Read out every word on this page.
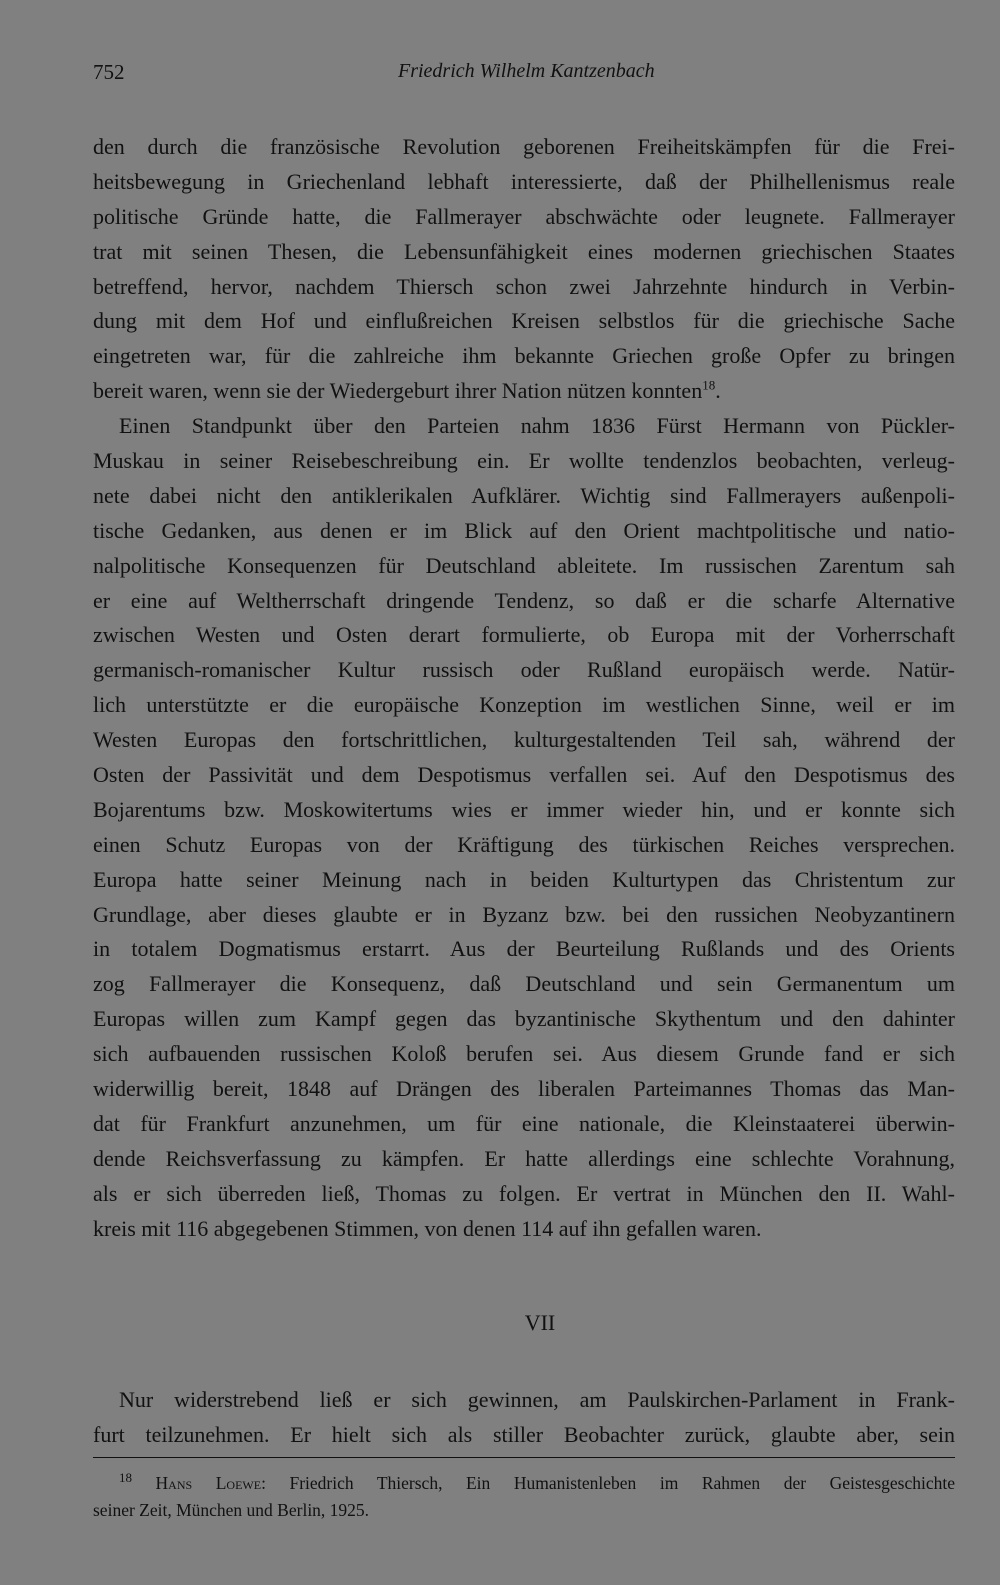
752	Friedrich Wilhelm Kantzenbach
den durch die französische Revolution geborenen Freiheitskämpfen für die Frei-
heitsbewegung in Griechenland lebhaft interessierte, daß der Philhellenismus reale
politische Gründe hatte, die Fallmerayer abschwächte oder leugnete. Fallmerayer
trat mit seinen Thesen, die Lebensunfähigkeit eines modernen griechischen Staates
betreffend, hervor, nachdem Thiersch schon zwei Jahrzehnte hindurch in Verbin-
dung mit dem Hof und einflußreichen Kreisen selbstlos für die griechische Sache
eingetreten war, für die zahlreiche ihm bekannte Griechen große Opfer zu bringen
bereit waren, wenn sie der Wiedergeburt ihrer Nation nützen konnten$^{18}$.
Einen Standpunkt über den Parteien nahm 1836 Fürst Hermann von Pückler-
Muskau in seiner Reisebeschreibung ein. Er wollte tendenzlos beobachten, verleug-
nete dabei nicht den antiklerikalen Aufklärer. Wichtig sind Fallmerayers außenpoli-
tische Gedanken, aus denen er im Blick auf den Orient machtpolitische und natio-
nalpolitische Konsequenzen für Deutschland ableitete. Im russischen Zarentum sah
er eine auf Weltherrschaft dringende Tendenz, so daß er die scharfe Alternative
zwischen Westen und Osten derart formulierte, ob Europa mit der Vorherrschaft
germanisch-romanischer Kultur russisch oder Rußland europäisch werde. Natür-
lich unterstützte er die europäische Konzeption im westlichen Sinne, weil er im
Westen Europas den fortschrittlichen, kulturgestaltenden Teil sah, während der
Osten der Passivität und dem Despotismus verfallen sei. Auf den Despotismus des
Bojarentums bzw. Moskowitertums wies er immer wieder hin, und er konnte sich
einen Schutz Europas von der Kräftigung des türkischen Reiches versprechen.
Europa hatte seiner Meinung nach in beiden Kulturtypen das Christentum zur
Grundlage, aber dieses glaubte er in Byzanz bzw. bei den russichen Neobyzantinern
in totalem Dogmatismus erstarrt. Aus der Beurteilung Rußlands und des Orients
zog Fallmerayer die Konsequenz, daß Deutschland und sein Germanentum um
Europas willen zum Kampf gegen das byzantinische Skythentum und den dahinter
sich aufbauenden russischen Koloß berufen sei. Aus diesem Grunde fand er sich
widerwillig bereit, 1848 auf Drängen des liberalen Parteimannes Thomas das Man-
dat für Frankfurt anzunehmen, um für eine nationale, die Kleinstaaterei überwin-
dende Reichsverfassung zu kämpfen. Er hatte allerdings eine schlechte Vorahnung,
als er sich überreden ließ, Thomas zu folgen. Er vertrat in München den II. Wahl-
kreis mit 116 abgegebenen Stimmen, von denen 114 auf ihn gefallen waren.
VII
Nur widerstrebend ließ er sich gewinnen, am Paulskirchen-Parlament in Frank-
furt teilzunehmen. Er hielt sich als stiller Beobachter zurück, glaubte aber, sein
$^{18}$ Hans Loewe: Friedrich Thiersch, Ein Humanistenleben im Rahmen der Geistesgeschichte
seiner Zeit, München und Berlin, 1925.
